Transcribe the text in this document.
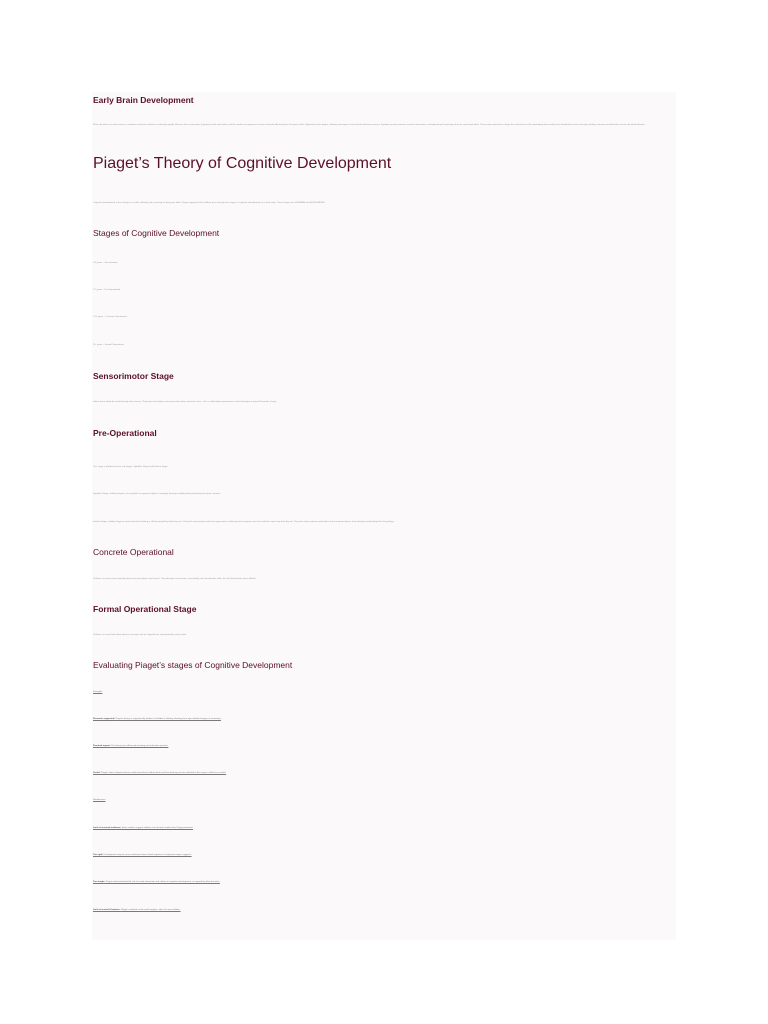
Early Brain Development

When the infant is in utero and as a newborn, the brain continues to develop rapidly. Neurons form connections (synapses) with each other, and the number of synapses increases dramatically during the first years of life. Myelination also begins, allowing messages to travel faster between neurons. Synaptic pruning removes unused connections, strengthening the pathways that are used most often. These early experiences shape the architecture of the developing brain and lay the foundation for later learning, thinking, memory and behaviour across the whole lifespan.

Piaget’s Theory of Cognitive Development

Cognitive development is the change in a child's thinking and reasoning as they grow older. Piaget suggested that children pass through four stages of cognitive development in a fixed order. These stages are SCHEMAS and EQUILIBRIUM.

Stages of Cognitive Development

0-2 years – Sensorimotor

2-7 years – Pre-Operational

7-11 years – Concrete Operational

11+ years – Formal Operational

Sensorimotor Stage

Infants learn about the world through their senses. They learn that objects exist even when they cannot be seen – this is called object permanence and it develops at around 8 months of age.

Pre-Operational

This stage is divided into two sub-stages: Symbolic Stage and Intuitive Stage.

Symbolic Stage: children begin to use symbols to represent objects, language develops rapidly and pretend play becomes common.

Intuitive Stage: children begin to reason but their thinking is still dominated by what they see. They lack conservation and show egocentrism, believing that everyone sees the world the same way that they do. They also show animism and believe that inanimate objects have thoughts and feelings like living things.

Concrete Operational

Children can now reason logically about concrete objects and events. They develop conservation, reversibility and classification skills, but still find abstract ideas difficult.

Formal Operational Stage

Children can now think about abstract concepts and test hypotheses systematically in their mind.

Evaluating Piaget’s stages of Cognitive Development

Strengths

Research supported: Piaget's theory is supported by studies of children's thinking showing clear age-related changes in reasoning.

Practical impact: The theory has influenced teaching and education practice.

Useful: Piaget's ideas helped teachers understand how children think and how learning can be matched to the stage a child has reached.

Weaknesses

Lack of research evidence: Some studies suggest children can do tasks earlier than Piaget predicted.

Too rigid: Development may be more continuous than a fixed sequence of separate stages suggests.

Too simple: Piaget underestimated the role of social interaction and culture in cognitive development, as argued by other theorists.

Lack of control & balance: Piaget's methods used small samples, often his own children.
